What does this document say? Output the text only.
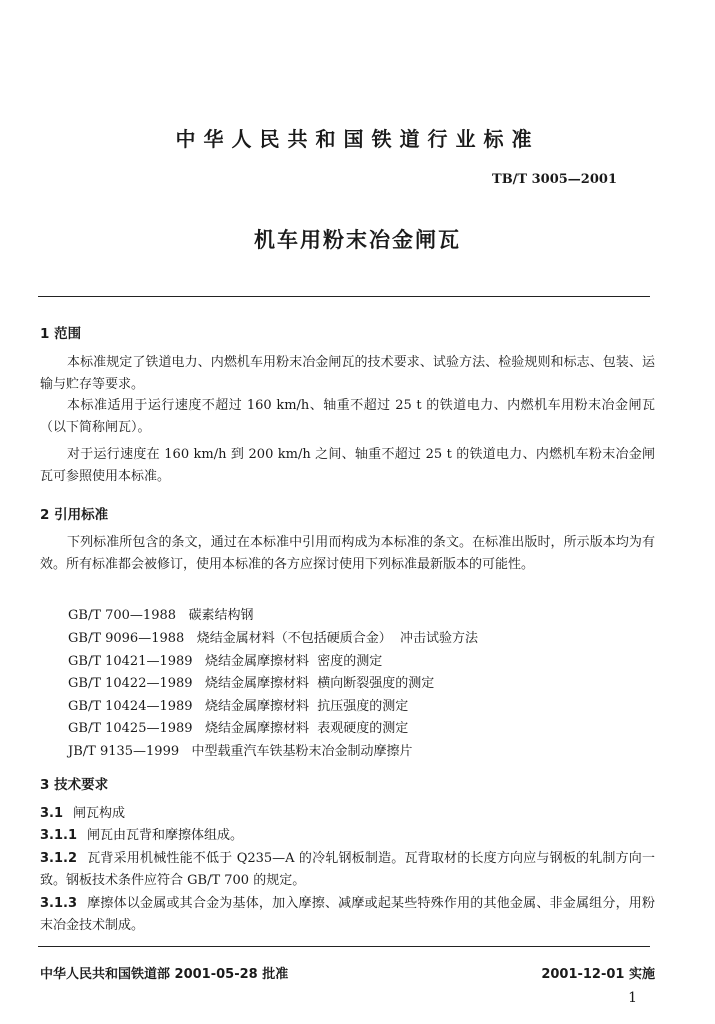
中华人民共和国铁道行业标准
TB/T 3005—2001
机车用粉末冶金闸瓦
1 范围
本标准规定了铁道电力、内燃机车用粉末冶金闸瓦的技术要求、试验方法、检验规则和标志、包装、运输与贮存等要求。
本标准适用于运行速度不超过 160 km/h、轴重不超过 25 t 的铁道电力、内燃机车用粉末冶金闸瓦（以下简称闸瓦）。
对于运行速度在 160 km/h 到 200 km/h 之间、轴重不超过 25 t 的铁道电力、内燃机车粉末冶金闸瓦可参照使用本标准。
2 引用标准
下列标准所包含的条文，通过在本标准中引用而构成为本标准的条文。在标准出版时，所示版本均为有效。所有标准都会被修订，使用本标准的各方应探讨使用下列标准最新版本的可能性。
GB/T 700—1988 碳素结构钢
GB/T 9096—1988 烧结金属材料（不包括硬质合金）  冲击试验方法
GB/T 10421—1989 烧结金属摩擦材料  密度的测定
GB/T 10422—1989 烧结金属摩擦材料  横向断裂强度的测定
GB/T 10424—1989 烧结金属摩擦材料  抗压强度的测定
GB/T 10425—1989 烧结金属摩擦材料  表观硬度的测定
JB/T 9135—1999 中型载重汽车铁基粉末冶金制动摩擦片
3 技术要求
3.1 闸瓦构成
3.1.1 闸瓦由瓦背和摩擦体组成。
3.1.2 瓦背采用机械性能不低于 Q235—A 的冷轧钢板制造。瓦背取材的长度方向应与钢板的轧制方向一致。钢板技术条件应符合 GB/T 700 的规定。
3.1.3 摩擦体以金属或其合金为基体，加入摩擦、减摩或起某些特殊作用的其他金属、非金属组分，用粉末冶金技术制成。
中华人民共和国铁道部 2001-05-28 批准	2001-12-01 实施
1
